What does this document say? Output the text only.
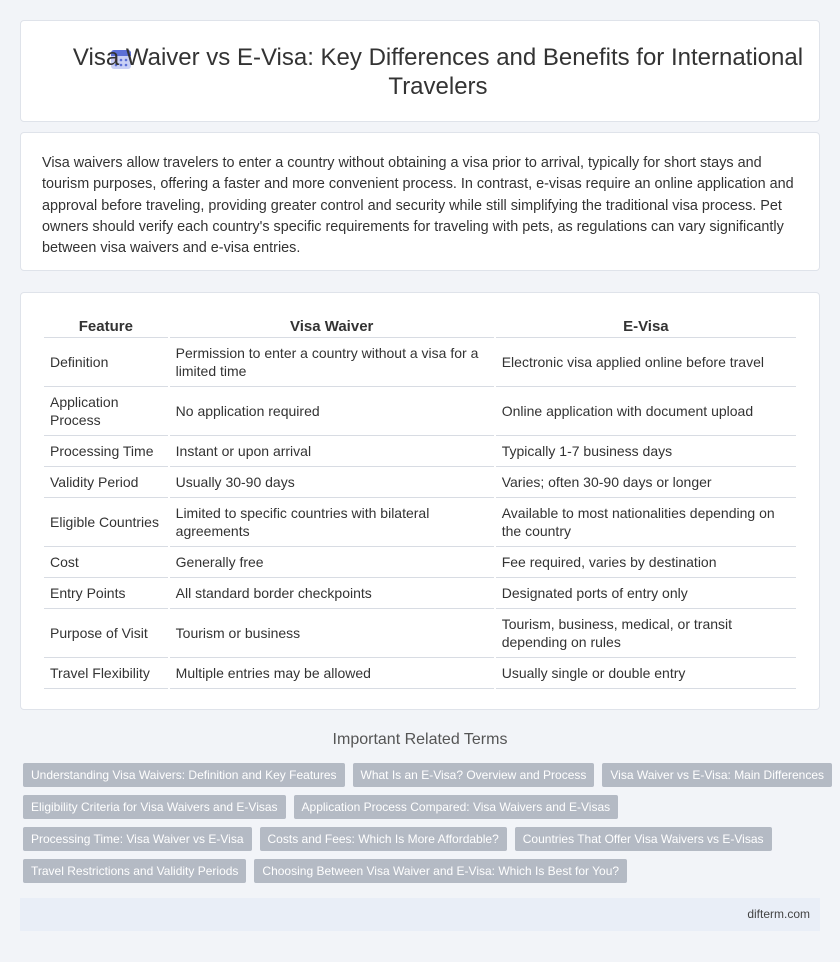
Visa Waiver vs E-Visa: Key Differences and Benefits for International Travelers

Visa waivers allow travelers to enter a country without obtaining a visa prior to arrival, typically for short stays and tourism purposes, offering a faster and more convenient process. In contrast, e-visas require an online application and approval before traveling, providing greater control and security while still simplifying the traditional visa process. Pet owners should verify each country's specific requirements for traveling with pets, as regulations can vary significantly between visa waivers and e-visa entries.

Feature	Visa Waiver	E-Visa
Definition	Permission to enter a country without a visa for a limited time	Electronic visa applied online before travel
Application Process	No application required	Online application with document upload
Processing Time	Instant or upon arrival	Typically 1-7 business days
Validity Period	Usually 30-90 days	Varies; often 30-90 days or longer
Eligible Countries	Limited to specific countries with bilateral agreements	Available to most nationalities depending on the country
Cost	Generally free	Fee required, varies by destination
Entry Points	All standard border checkpoints	Designated ports of entry only
Purpose of Visit	Tourism or business	Tourism, business, medical, or transit depending on rules
Travel Flexibility	Multiple entries may be allowed	Usually single or double entry
Important Related Terms
Understanding Visa Waivers: Definition and Key Features	What Is an E-Visa? Overview and Process	Visa Waiver vs E-Visa: Main Differences
Eligibility Criteria for Visa Waivers and E-Visas	Application Process Compared: Visa Waivers and E-Visas
Processing Time: Visa Waiver vs E-Visa	Costs and Fees: Which Is More Affordable?	Countries That Offer Visa Waivers vs E-Visas
Travel Restrictions and Validity Periods	Choosing Between Visa Waiver and E-Visa: Which Is Best for You?
difterm.com
